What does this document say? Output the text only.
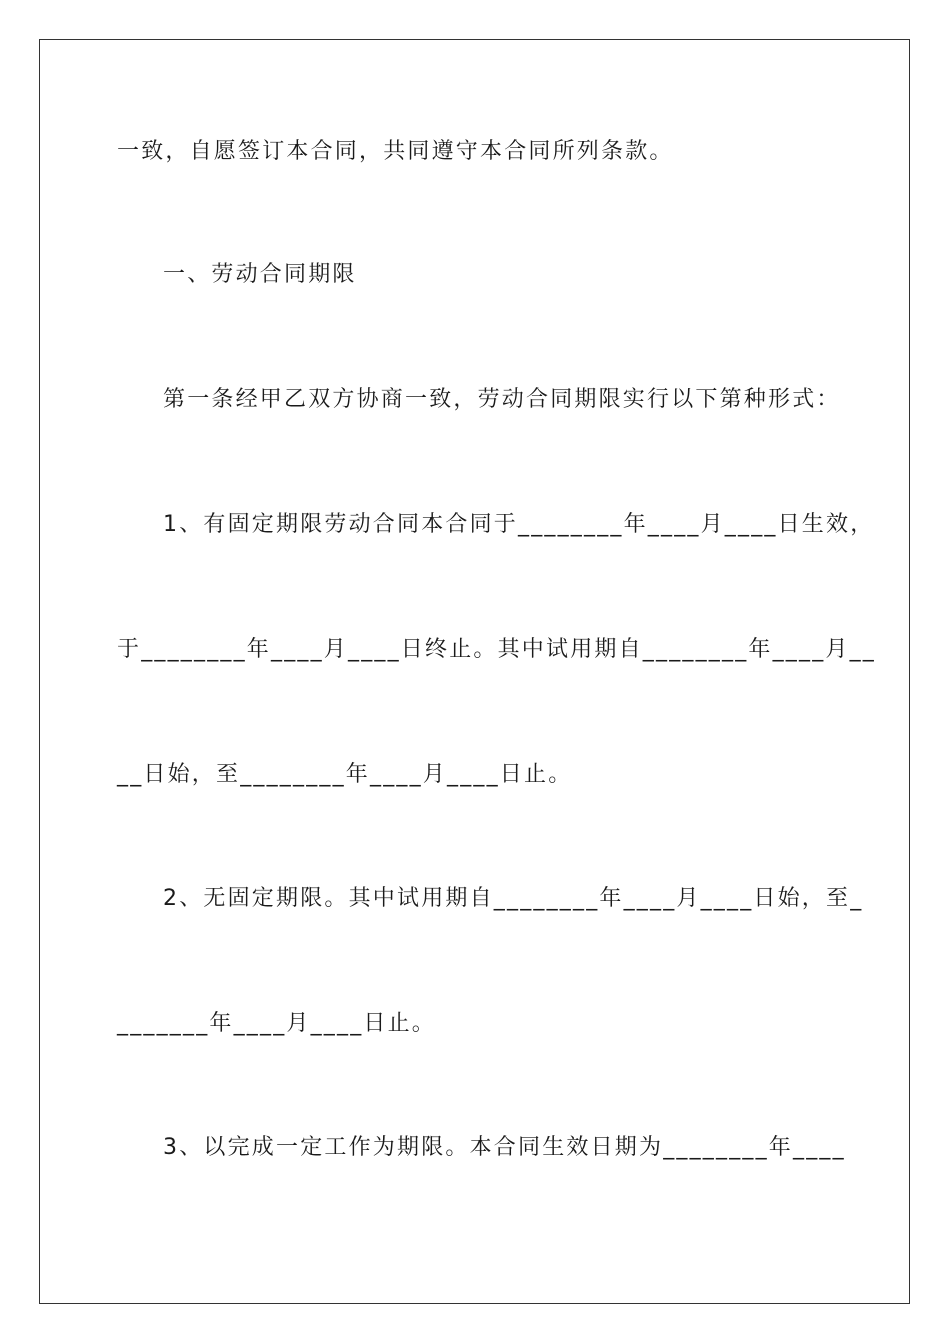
一致，自愿签订本合同，共同遵守本合同所列条款。
一、劳动合同期限
第一条经甲乙双方协商一致，劳动合同期限实行以下第种形式：
1、有固定期限劳动合同本合同于________年____月____日生效，
于________年____月____日终止。其中试用期自________年____月__
__日始，至________年____月____日止。
2、无固定期限。其中试用期自________年____月____日始，至_
_______年____月____日止。
3、以完成一定工作为期限。本合同生效日期为________年____
